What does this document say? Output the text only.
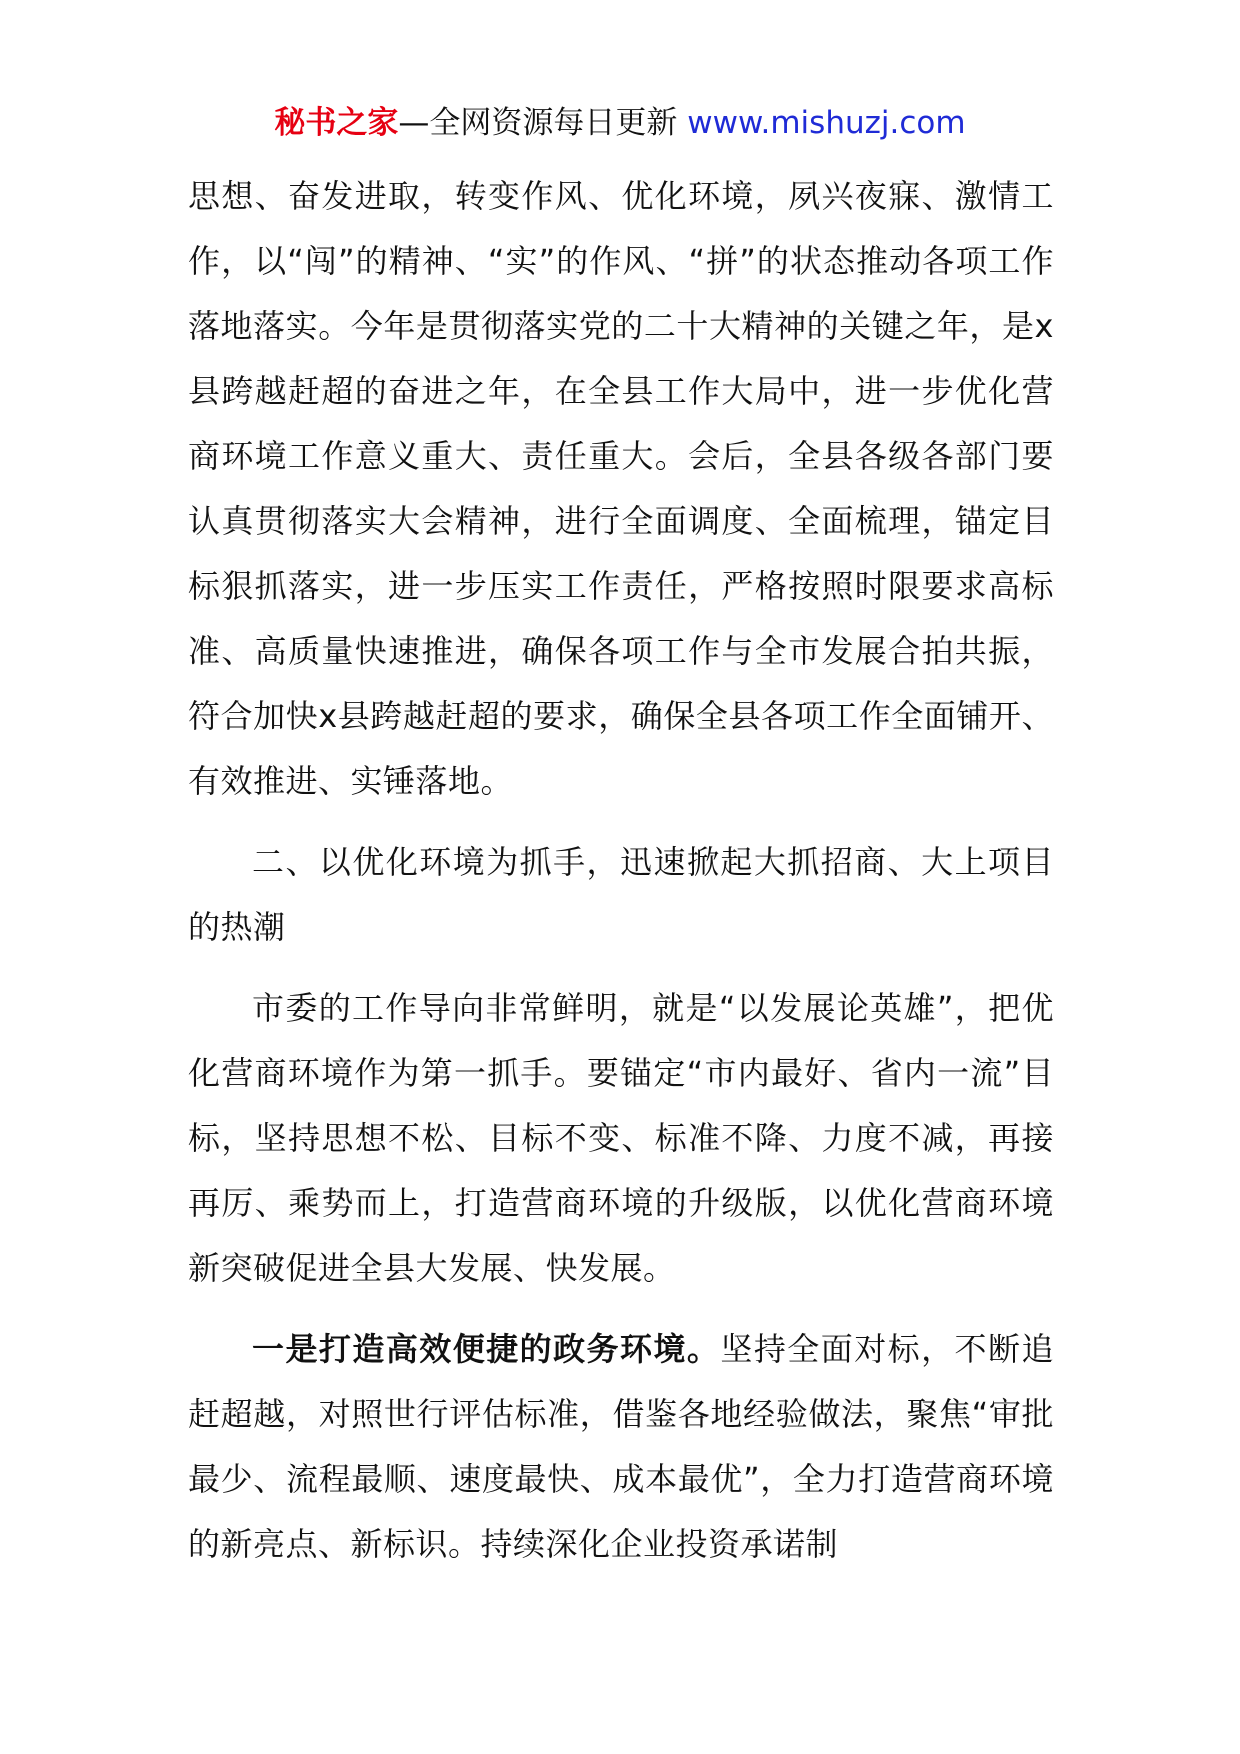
秘书之家—全网资源每日更新 www.mishuzj.com

思想、奋发进取，转变作风、优化环境，夙兴夜寐、激情工作，以“闯”的精神、“实”的作风、“拼”的状态推动各项工作落地落实。今年是贯彻落实党的二十大精神的关键之年，是x县跨越赶超的奋进之年，在全县工作大局中，进一步优化营商环境工作意义重大、责任重大。会后，全县各级各部门要认真贯彻落实大会精神，进行全面调度、全面梳理，锚定目标狠抓落实，进一步压实工作责任，严格按照时限要求高标准、高质量快速推进，确保各项工作与全市发展合拍共振，符合加快x县跨越赶超的要求，确保全县各项工作全面铺开、有效推进、实锤落地。

二、以优化环境为抓手，迅速掀起大抓招商、大上项目的热潮

市委的工作导向非常鲜明，就是“以发展论英雄”，把优化营商环境作为第一抓手。要锚定“市内最好、省内一流”目标，坚持思想不松、目标不变、标准不降、力度不减，再接再厉、乘势而上，打造营商环境的升级版，以优化营商环境新突破促进全县大发展、快发展。

一是打造高效便捷的政务环境。坚持全面对标，不断追赶超越，对照世行评估标准，借鉴各地经验做法，聚焦“审批最少、流程最顺、速度最快、成本最优”，全力打造营商环境的新亮点、新标识。持续深化企业投资承诺制
